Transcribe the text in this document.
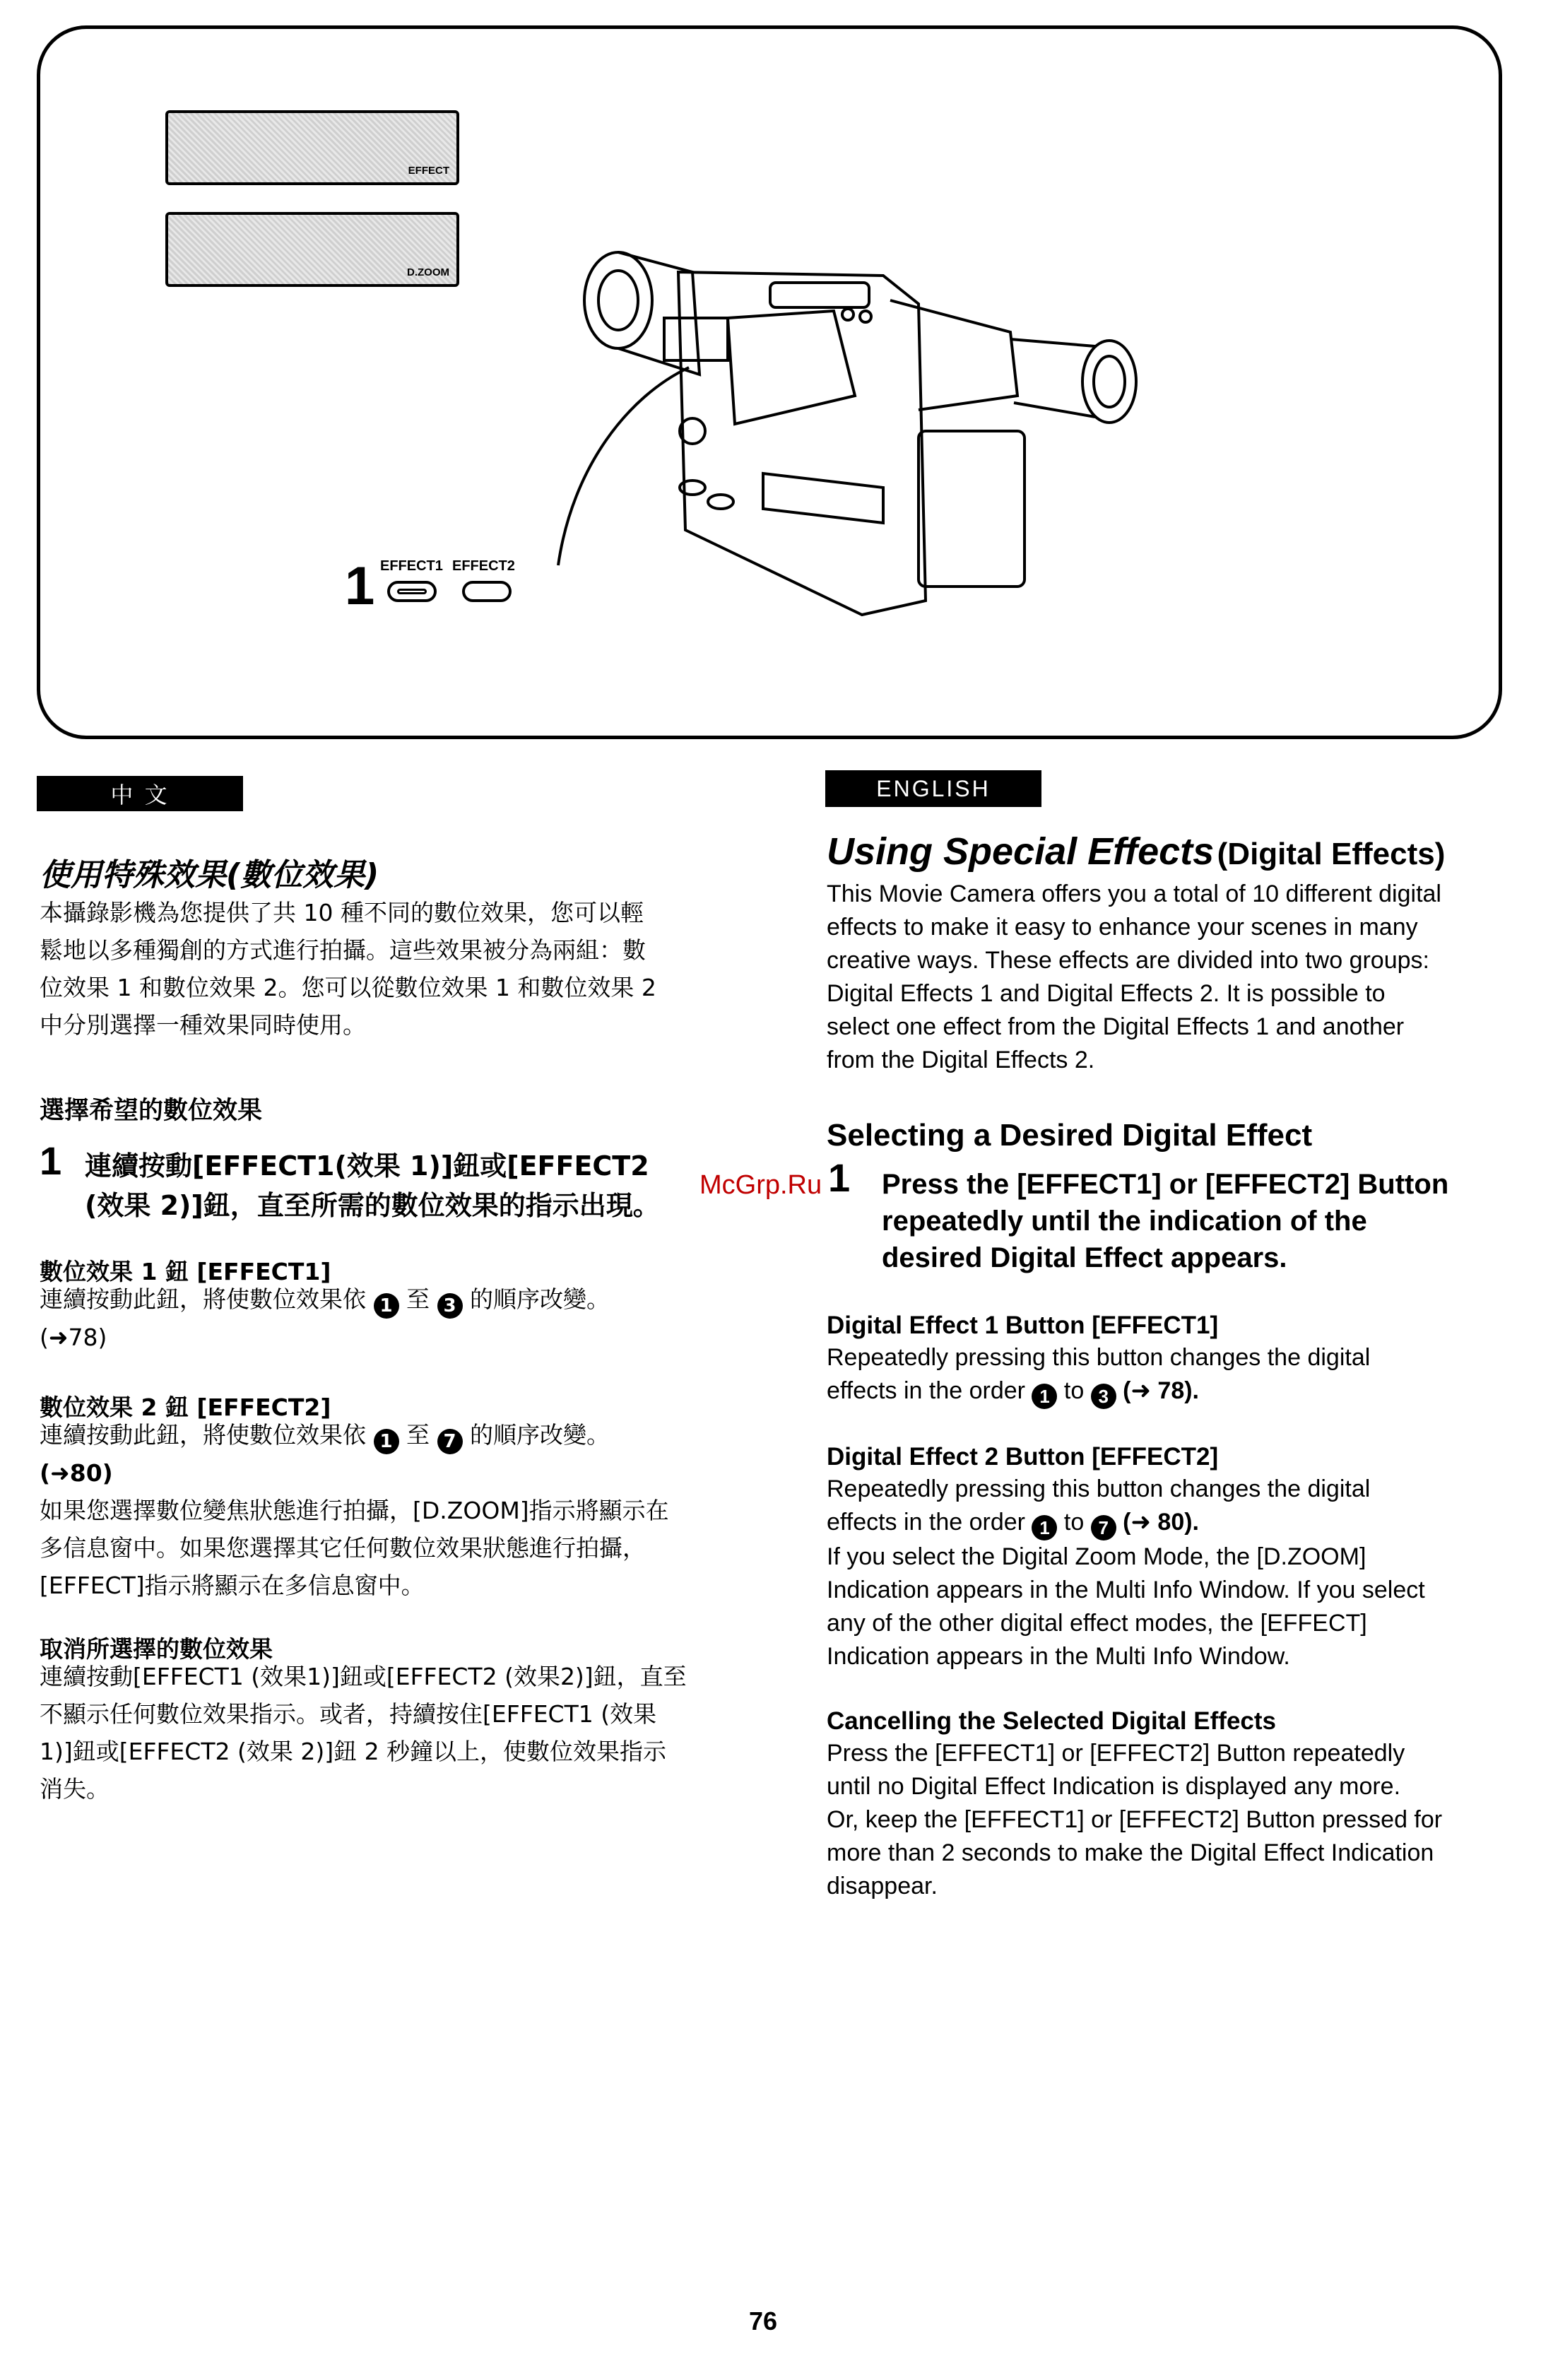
EFFECT
D.ZOOM
1 EFFECT1 EFFECT2
中 文
使用特殊效果(數位效果)
本攝錄影機為您提供了共 10 種不同的數位效果，您可以輕
鬆地以多種獨創的方式進行拍攝。這些效果被分為兩組：數
位效果 1 和數位效果 2。您可以從數位效果 1 和數位效果 2
中分別選擇一種效果同時使用。
選擇希望的數位效果
1 連續按動[EFFECT1(效果 1)]鈕或[EFFECT2
(效果 2)]鈕，直至所需的數位效果的指示出現。
數位效果 1 鈕 [EFFECT1]
連續按動此鈕，將使數位效果依 1 至 3 的順序改變。
(➜78)
數位效果 2 鈕 [EFFECT2]
連續按動此鈕，將使數位效果依 1 至 7 的順序改變。
(➜80)
如果您選擇數位變焦狀態進行拍攝，[D.ZOOM]指示將顯示在
多信息窗中。如果您選擇其它任何數位效果狀態進行拍攝，
[EFFECT]指示將顯示在多信息窗中。
取消所選擇的數位效果
連續按動[EFFECT1 (效果1)]鈕或[EFFECT2 (效果2)]鈕，直至
不顯示任何數位效果指示。或者，持續按住[EFFECT1 (效果
1)]鈕或[EFFECT2 (效果 2)]鈕 2 秒鐘以上，使數位效果指示
消失。
McGrp.Ru
ENGLISH
Using Special Effects (Digital Effects)
This Movie Camera offers you a total of 10 different digital
effects to make it easy to enhance your scenes in many
creative ways. These effects are divided into two groups:
Digital Effects 1 and Digital Effects 2. It is possible to
select one effect from the Digital Effects 1 and another
from the Digital Effects 2.
Selecting a Desired Digital Effect
1 Press the [EFFECT1] or [EFFECT2] Button
repeatedly until the indication of the
desired Digital Effect appears.
Digital Effect 1 Button [EFFECT1]
Repeatedly pressing this button changes the digital
effects in the order 1 to 3 (➜ 78).
Digital Effect 2 Button [EFFECT2]
Repeatedly pressing this button changes the digital
effects in the order 1 to 7 (➜ 80).
If you select the Digital Zoom Mode, the [D.ZOOM]
Indication appears in the Multi Info Window. If you select
any of the other digital effect modes, the [EFFECT]
Indication appears in the Multi Info Window.
Cancelling the Selected Digital Effects
Press the [EFFECT1] or [EFFECT2] Button repeatedly
until no Digital Effect Indication is displayed any more.
Or, keep the [EFFECT1] or [EFFECT2] Button pressed for
more than 2 seconds to make the Digital Effect Indication
disappear.
76
